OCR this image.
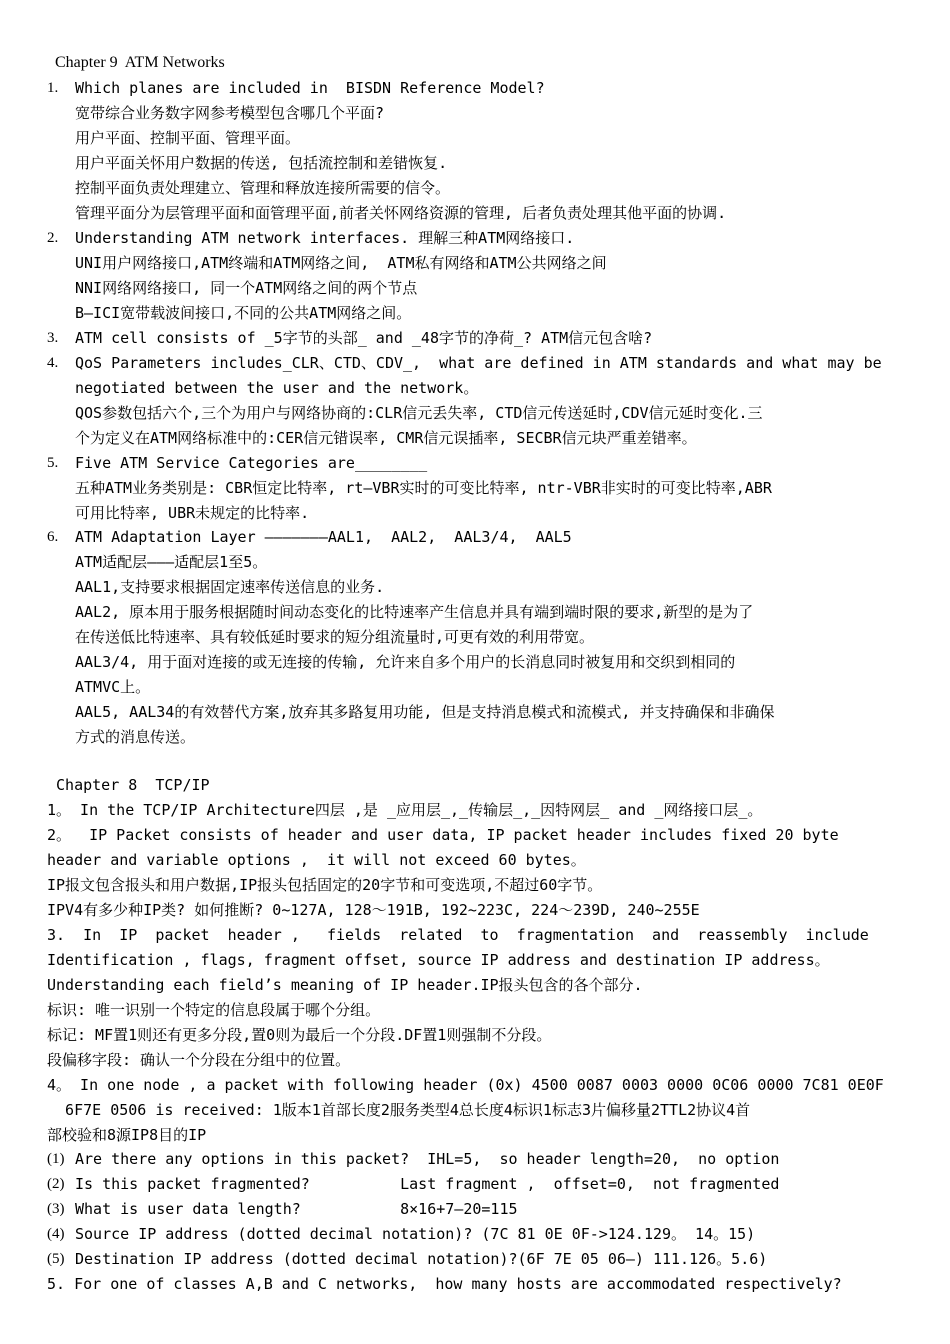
Chapter 9  ATM Networks
1. Which planes are included in  BISDN Reference Model?
宽带综合业务数字网参考模型包含哪几个平面?
用户平面、控制平面、管理平面。
用户平面关怀用户数据的传送, 包括流控制和差错恢复.
控制平面负责处理建立、管理和释放连接所需要的信令。
管理平面分为层管理平面和面管理平面,前者关怀网络资源的管理, 后者负责处理其他平面的协调.
2. Understanding ATM network interfaces. 理解三种ATM网络接口.
UNI用户网络接口,ATM终端和ATM网络之间,  ATM私有网络和ATM公共网络之间
NNI网络网络接口, 同一个ATM网络之间的两个节点
B—ICI宽带载波间接口,不同的公共ATM网络之间。
3. ATM cell consists of _5字节的头部_ and _48字节的净荷_? ATM信元包含啥?
4. QoS Parameters includes_CLR、CTD、CDV_,  what are defined in ATM standards and what may be
negotiated between the user and the network。
QOS参数包括六个,三个为用户与网络协商的:CLR信元丢失率, CTD信元传送延时,CDV信元延时变化.三
个为定义在ATM网络标准中的:CER信元错误率, CMR信元误插率, SECBR信元块严重差错率。
5. Five ATM Service Categories are________
五种ATM业务类别是: CBR恒定比特率, rt—VBR实时的可变比特率, ntr-VBR非实时的可变比特率,ABR
可用比特率, UBR未规定的比特率.
6. ATM Adaptation Layer ———————AAL1,  AAL2,  AAL3/4,  AAL5
ATM适配层———适配层1至5。
AAL1,支持要求根据固定速率传送信息的业务.
AAL2, 原本用于服务根据随时间动态变化的比特速率产生信息并具有端到端时限的要求,新型的是为了
在传送低比特速率、具有较低延时要求的短分组流量时,可更有效的利用带宽。
AAL3/4, 用于面对连接的或无连接的传输, 允许来自多个用户的长消息同时被复用和交织到相同的
ATMVC上。
AAL5, AAL34的有效替代方案,放弃其多路复用功能, 但是支持消息模式和流模式, 并支持确保和非确保
方式的消息传送。
Chapter 8  TCP/IP
1。 In the TCP/IP Architecture四层 ,是 _应用层_,_传输层_,_因特网层_ and _网络接口层_。
2。  IP Packet consists of header and user data, IP packet header includes fixed 20 byte
header and variable options ,  it will not exceed 60 bytes。
IP报文包含报头和用户数据,IP报头包括固定的20字节和可变选项,不超过60字节。
IPV4有多少种IP类? 如何推断? 0~127A, 128～191B, 192~223C, 224～239D, 240~255E
3.  In  IP  packet  header ,   fields  related  to  fragmentation  and  reassembly  include
Identification , flags, fragment offset, source IP address and destination IP address。
Understanding each field’s meaning of IP header.IP报头包含的各个部分.
标识: 唯一识别一个特定的信息段属于哪个分组。
标记: MF置1则还有更多分段,置0则为最后一个分段.DF置1则强制不分段。
段偏移字段: 确认一个分段在分组中的位置。
4。 In one node , a packet with following header (0x) 4500 0087 0003 0000 0C06 0000 7C81 0E0F
6F7E 0506 is received: 1版本1首部长度2服务类型4总长度4标识1标志3片偏移量2TTL2协议4首
部校验和8源IP8目的IP
(1) Are there any options in this packet?  IHL=5,  so header length=20,  no option
(2) Is this packet fragmented?          Last fragment ,  offset=0,  not fragmented
(3) What is user data length?           8×16+7—20=115
(4) Source IP address (dotted decimal notation)? (7C 81 0E 0F->124.129。 14。15)
(5) Destination IP address (dotted decimal notation)?(6F 7E 05 06—) 111.126。5.6)
5. For one of classes A,B and C networks,  how many hosts are accommodated respectively?
